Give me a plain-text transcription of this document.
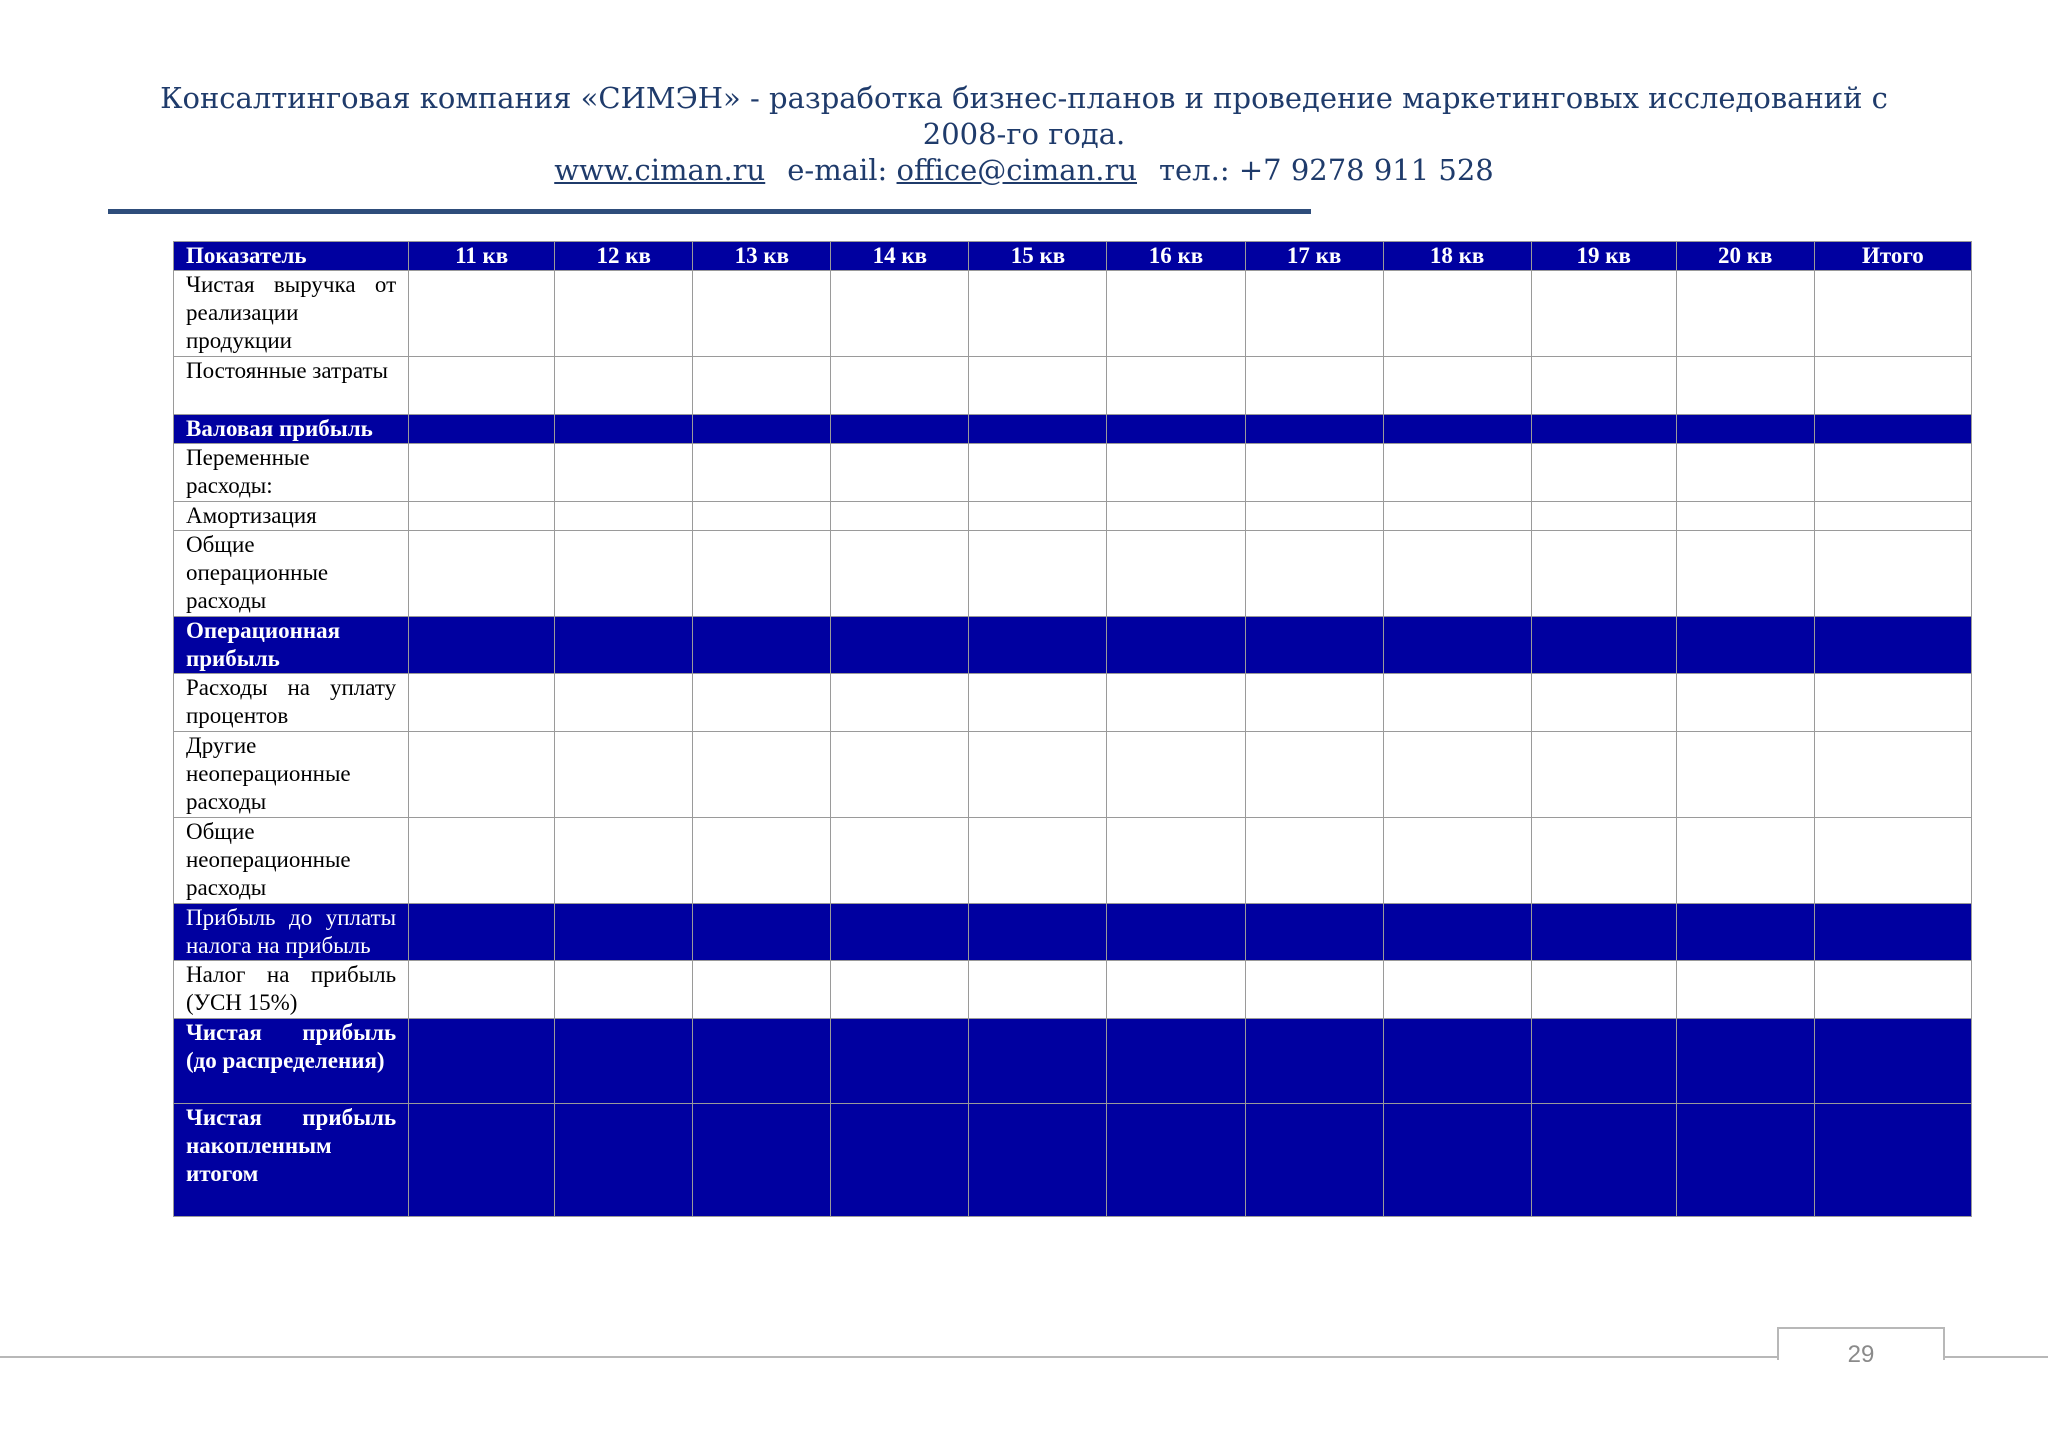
Консалтинговая компания «СИМЭН» - разработка бизнес-планов и проведение маркетинговых исследований с
2008-го года.
www.ciman.ru e-mail: office@ciman.ru тел.: +7 9278 911 528
Показатель	11 кв	12 кв	13 кв	14 кв	15 кв	16 кв	17 кв	18 кв	19 кв	20 кв	Итого
Чистая выручка от реализации продукции											
Постоянные затраты											
Валовая прибыль											
Переменные расходы:											
Амортизация											
Общие операционные расходы											
Операционная прибыль											
Расходы на уплату процентов											
Другие неоперационные расходы											
Общие неоперационные расходы											
Прибыль до уплаты налога на прибыль											
Налог на прибыль (УСН 15%)											
Чистая прибыль (до распределения)											
Чистая прибыль накопленным итогом											
29
